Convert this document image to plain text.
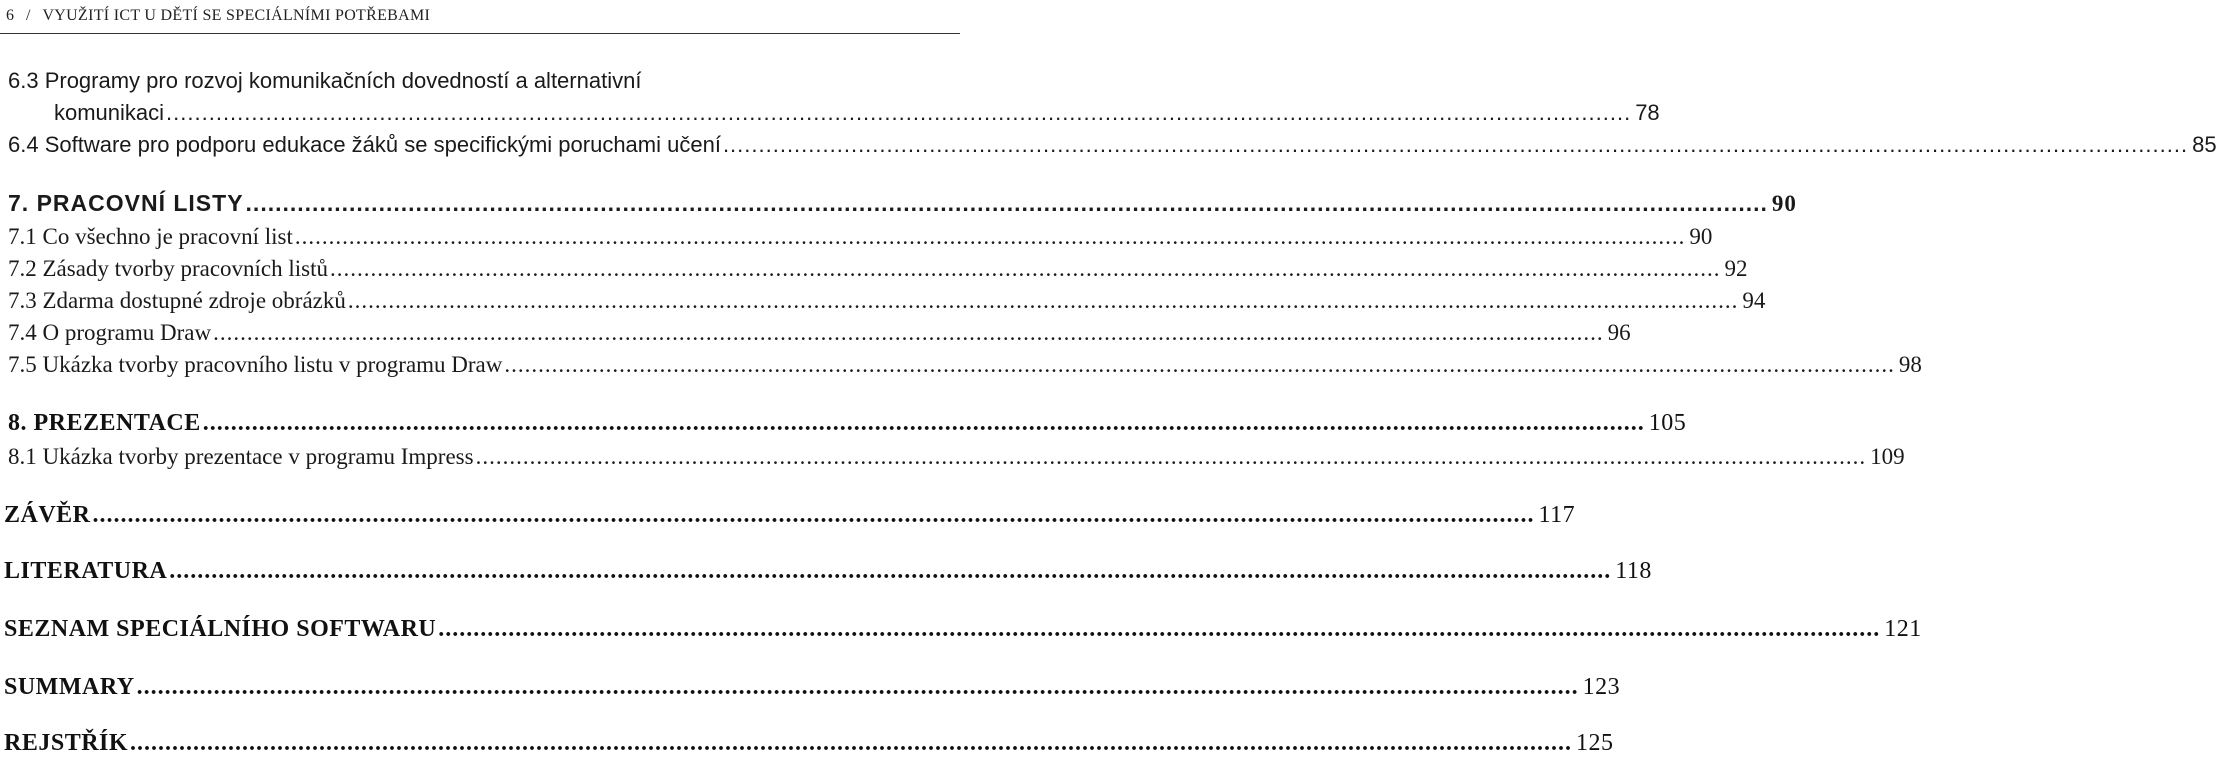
6 / VYUŽITÍ ICT U DĚTÍ SE SPECIÁLNÍMI POTŘEBAMI
6.3 Programy pro rozvoj komunikačních dovedností a alternativní
komunikaci .............................................................................................................................................................................................................. 78
6.4 Software pro podporu edukace žáků se specifickými poruchami učení .............................................................................................................................................................................................................. 85
7. PRACOVNÍ LISTY .............................................................................................................................................................................................................. 90
7.1 Co všechno je pracovní list .............................................................................................................................................................................................................. 90
7.2 Zásady tvorby pracovních listů .............................................................................................................................................................................................................. 92
7.3 Zdarma dostupné zdroje obrázků .............................................................................................................................................................................................................. 94
7.4 O programu Draw .............................................................................................................................................................................................................. 96
7.5 Ukázka tvorby pracovního listu v programu Draw .............................................................................................................................................................................................................. 98
8. PREZENTACE .............................................................................................................................................................................................................. 105
8.1 Ukázka tvorby prezentace v programu Impress .............................................................................................................................................................................................................. 109
ZÁVĚR .............................................................................................................................................................................................................. 117
LITERATURA .............................................................................................................................................................................................................. 118
SEZNAM SPECIÁLNÍHO SOFTWARU .............................................................................................................................................................................................................. 121
SUMMARY .............................................................................................................................................................................................................. 123
REJSTŘÍK .............................................................................................................................................................................................................. 125
